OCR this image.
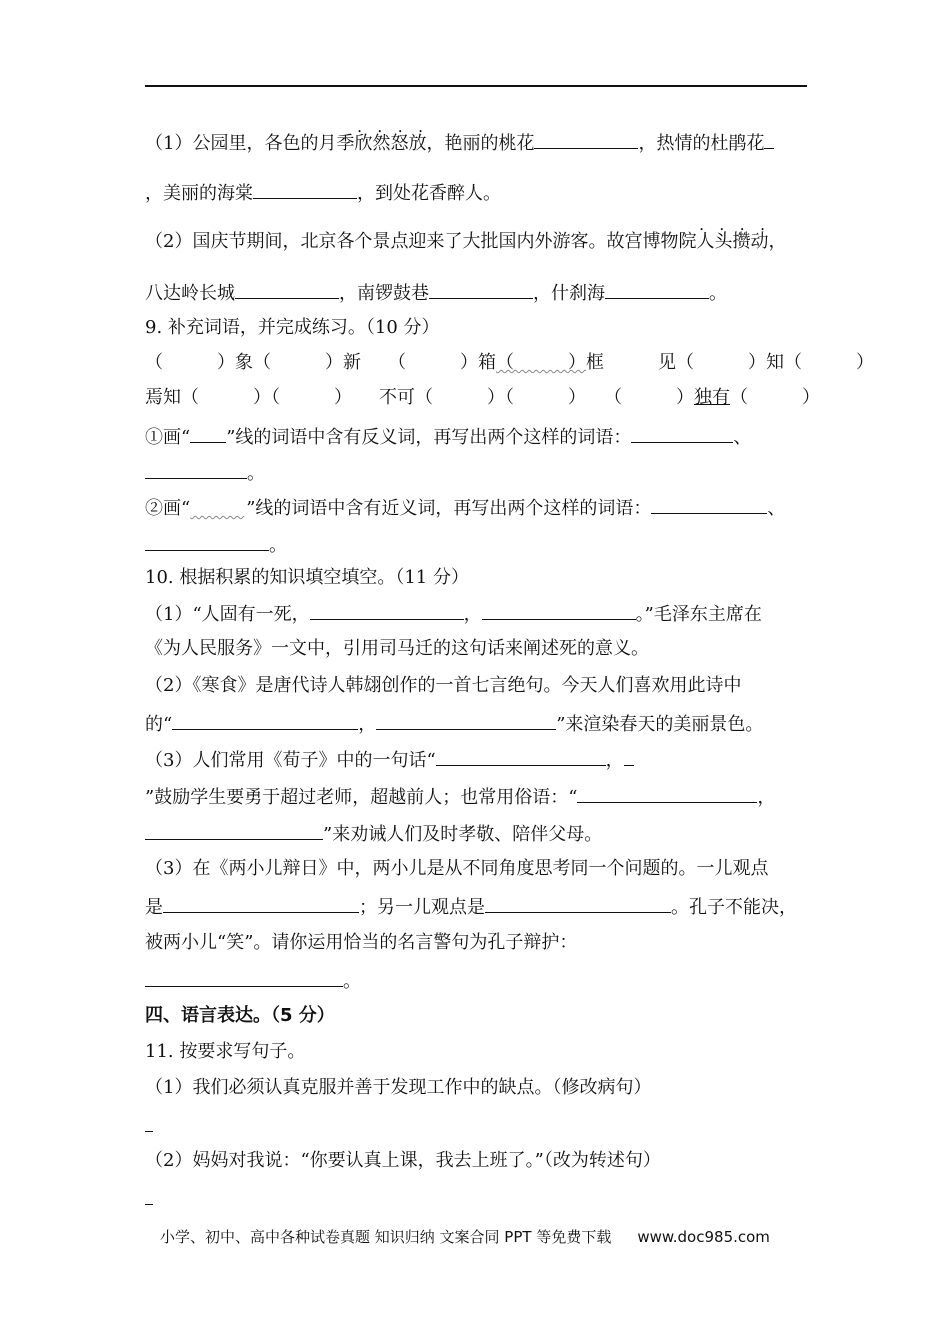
（1）公园里，各色的月季• • • • 欣然怒放，艳丽的桃花	，热情的杜鹃花
，美丽的海棠	，到处花香醉人。
（2）国庆节期间，北京各个景点迎来了大批国内外游客。故宫博物院• • • • 人头攒动，
八达岭长城	，南锣鼓巷	，什刹海	。
9. 补充词语，并完成练习。（10 分）
（　　　）象（　　　）新　　（　　　）箱（　　　）框　　　见（　　　）知（　　　）
焉知（　　　）（　　　）　　不可（　　　）（　　　）　　（　　　）独有（　　　）
①画“ ”线的词语中含有反义词，再写出两个这样的词语：	、
。
②画“　　　	”线的词语中含有近义词，再写出两个这样的词语：	、
。
10. 根据积累的知识填空填空。（11 分）
（1）“人固有一死，	，	。”毛泽东主席在
《为人民服务》一文中，引用司马迁的这句话来阐述死的意义。
（2）《寒食》是唐代诗人韩翃创作的一首七言绝句。今天人们喜欢用此诗中
的“	，	”来渲染春天的美丽景色。
（3）人们常用《荀子》中的一句话“	，
”鼓励学生要勇于超过老师，超越前人；也常用俗语：“	，
”来劝诫人们及时孝敬、陪伴父母。
（3）在《两小儿辩日》中，两小儿是从不同角度思考同一个问题的。一儿观点
是	；另一儿观点是	。孔子不能决，
被两小儿“笑”。请你运用恰当的名言警句为孔子辩护：
。
四、语言表达。（5 分）
11. 按要求写句子。
（1）我们必须认真克服并善于发现工作中的缺点。（修改病句）
（2）妈妈对我说：“你要认真上课，我去上班了。”（改为转述句）
小学、初中、高中各种试卷真题 知识归纳 文案合同 PPT 等免费下载 www.doc985.com
